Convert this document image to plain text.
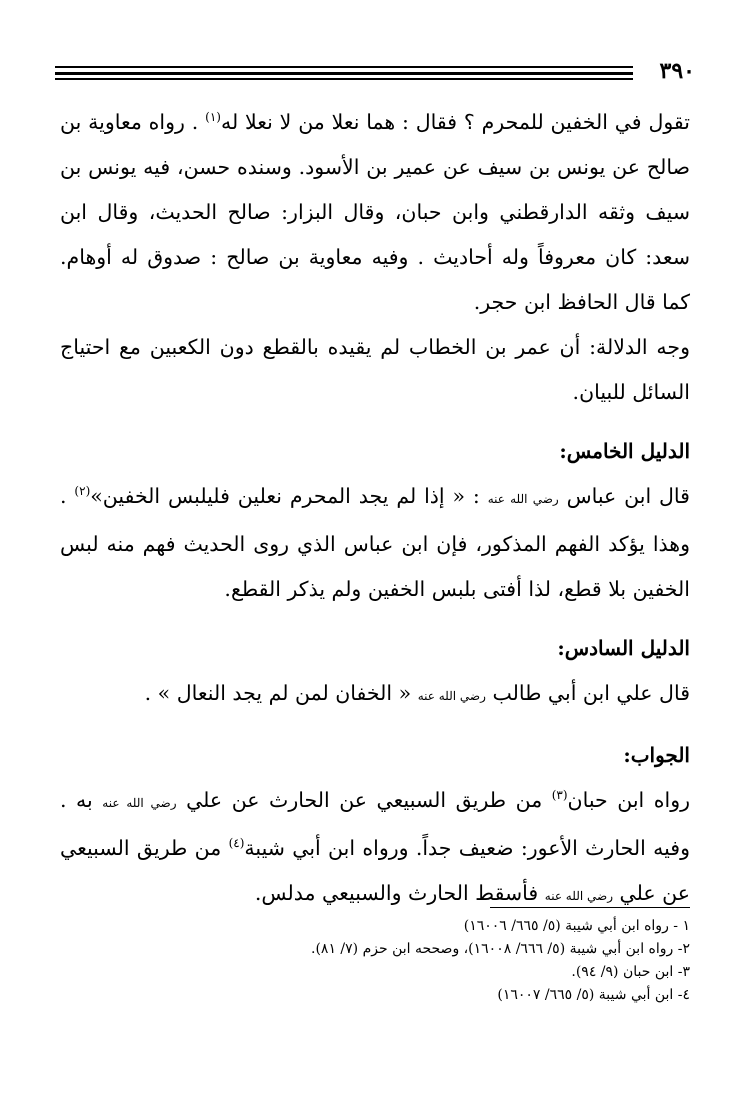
٣٩٠

تقول في الخفين للمحرم ؟ فقال : هما نعلا من لا نعلا له$^{(١)}$ . رواه معاوية بن صالح عن يونس بن سيف عن عمير بن الأسود. وسنده حسن، فيه يونس بن سيف وثقه الدارقطني وابن حبان، وقال البزار: صالح الحديث، وقال ابن سعد: كان معروفاً وله أحاديث . وفيه معاوية بن صالح : صدوق له أوهام. كما قال الحافظ ابن حجر.

وجه الدلالة: أن عمر بن الخطاب لم يقيده بالقطع دون الكعبين مع احتياج السائل للبيان.

الدليل الخامس:

قال ابن عباس رضي الله عنه : « إذا لم يجد المحرم نعلين فليلبس الخفين»$^{(٢)}$ . وهذا يؤكد الفهم المذكور، فإن ابن عباس الذي روى الحديث فهم منه لبس الخفين بلا قطع، لذا أفتى بلبس الخفين ولم يذكر القطع.

الدليل السادس:

قال علي ابن أبي طالب رضي الله عنه « الخفان لمن لم يجد النعال » .

الجواب:

رواه ابن حبان$^{(٣)}$ من طريق السبيعي عن الحارث عن علي رضي الله عنه به . وفيه الحارث الأعور: ضعيف جداً. ورواه ابن أبي شيبة$^{(٤)}$ من طريق السبيعي عن علي رضي الله عنه فأسقط الحارث والسبيعي مدلس.

١ - رواه ابن أبي شيبة (٥/ ٦٦٥/ ١٦٠٠٦)

٢- رواه ابن أبي شيبة (٥/ ٦٦٦/ ١٦٠٠٨)، وصححه ابن حزم (٧/ ٨١).

٣- ابن حبان (٩/ ٩٤).

٤- ابن أبي شيبة (٥/ ٦٦٥/ ١٦٠٠٧)
